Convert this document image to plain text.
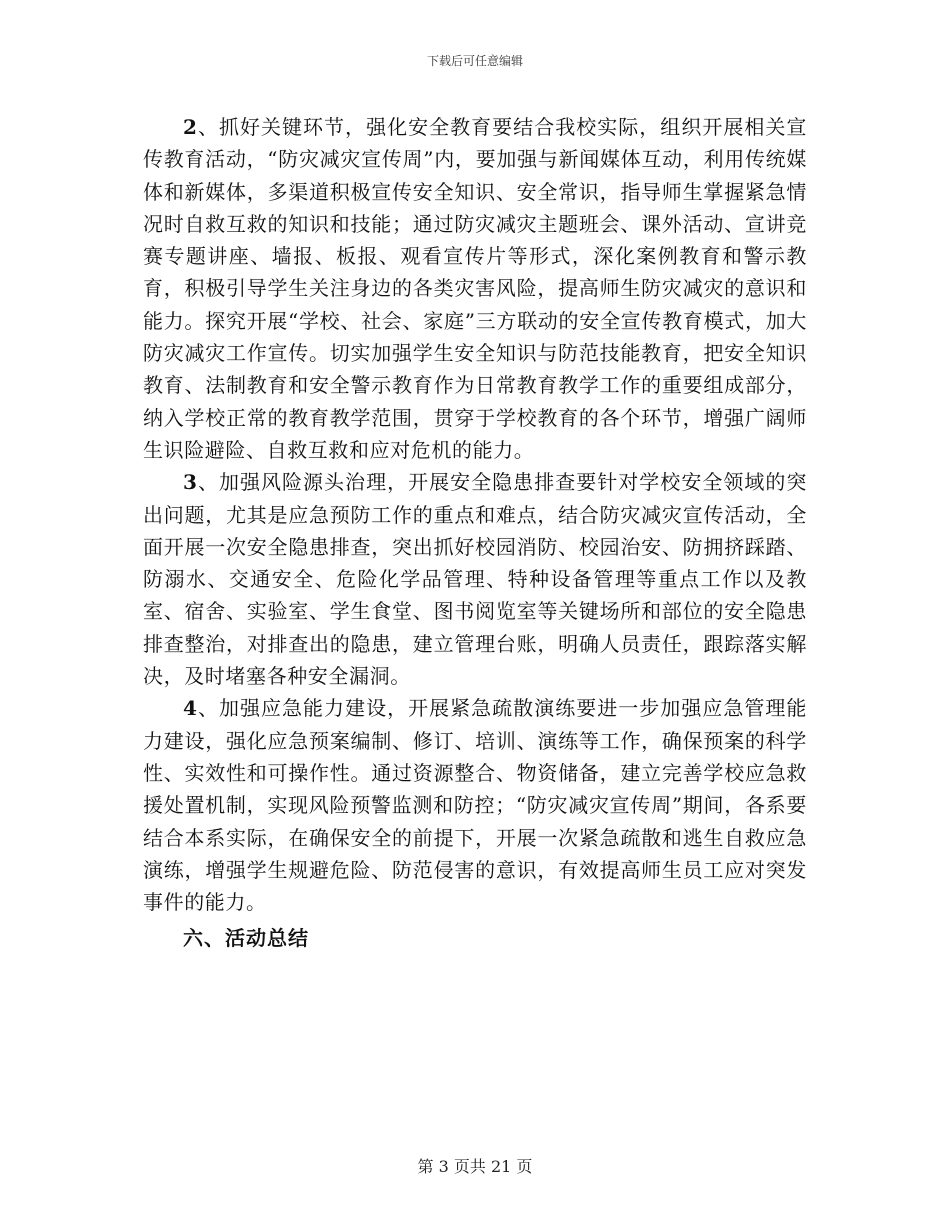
下载后可任意编辑

2、抓好关键环节，强化安全教育要结合我校实际，组织开展相关宣传教育活动，“防灾减灾宣传周”内，要加强与新闻媒体互动，利用传统媒体和新媒体，多渠道积极宣传安全知识、安全常识，指导师生掌握紧急情况时自救互救的知识和技能；通过防灾减灾主题班会、课外活动、宣讲竞赛专题讲座、墙报、板报、观看宣传片等形式，深化案例教育和警示教育，积极引导学生关注身边的各类灾害风险，提高师生防灾减灾的意识和能力。探究开展“学校、社会、家庭”三方联动的安全宣传教育模式，加大防灾减灾工作宣传。切实加强学生安全知识与防范技能教育，把安全知识教育、法制教育和安全警示教育作为日常教育教学工作的重要组成部分，纳入学校正常的教育教学范围，贯穿于学校教育的各个环节，增强广阔师生识险避险、自救互救和应对危机的能力。

3、加强风险源头治理，开展安全隐患排查要针对学校安全领域的突出问题，尤其是应急预防工作的重点和难点，结合防灾减灾宣传活动，全面开展一次安全隐患排查，突出抓好校园消防、校园治安、防拥挤踩踏、防溺水、交通安全、危险化学品管理、特种设备管理等重点工作以及教室、宿舍、实验室、学生食堂、图书阅览室等关键场所和部位的安全隐患排查整治，对排查出的隐患，建立管理台账，明确人员责任，跟踪落实解决，及时堵塞各种安全漏洞。

4、加强应急能力建设，开展紧急疏散演练要进一步加强应急管理能力建设，强化应急预案编制、修订、培训、演练等工作，确保预案的科学性、实效性和可操作性。通过资源整合、物资储备，建立完善学校应急救援处置机制，实现风险预警监测和防控；“防灾减灾宣传周”期间，各系要结合本系实际，在确保安全的前提下，开展一次紧急疏散和逃生自救应急演练，增强学生规避危险、防范侵害的意识，有效提高师生员工应对突发事件的能力。

六、活动总结

第 3 页共 21 页
